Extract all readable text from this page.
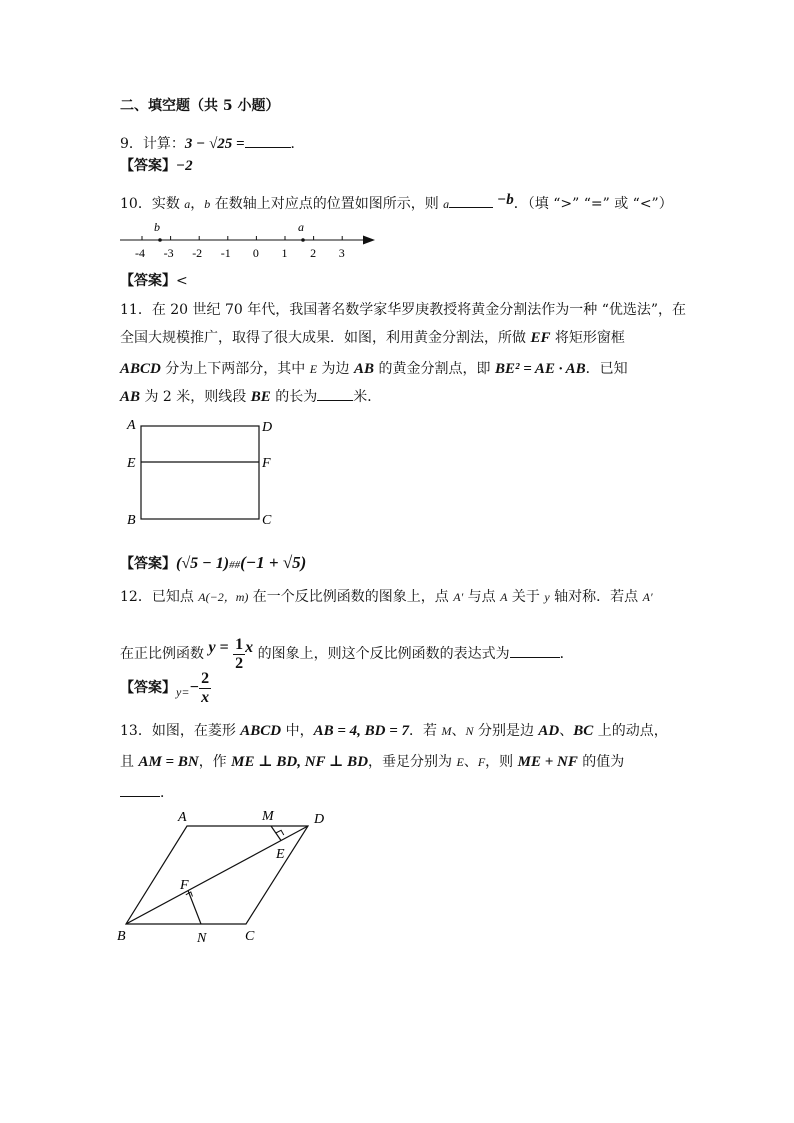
二、填空题（共 5 小题）
9．计算：3 − √25 =	．
【答案】−2
10．实数 a，b 在数轴上对应点的位置如图所示，则 a	−b．（填 “>” “=” 或 “<”）
-4 -3 -2 -1 0 1 2 3
b	a
【答案】<
11．在 20 世纪 70 年代，我国著名数学家华罗庚教授将黄金分割法作为一种 “优选法”，在
全国大规模推广，取得了很大成果．如图，利用黄金分割法，所做 EF 将矩形窗框
ABCD 分为上下两部分，其中 E 为边 AB 的黄金分割点，即 BE² = AE · AB．已知
AB 为 2 米，则线段 BE 的长为	米．
A	D
E	F
B	C
【答案】(√5 − 1)##(−1 + √5)
12．已知点 A(−2，m) 在一个反比例函数的图象上，点 A′ 与点 A 关于 y 轴对称．若点 A′
在正比例函数 $y = \frac{1}{2}$ x 的图象上，则这个反比例函数的表达式为	．
【答案】$y=- \frac{2}{x}$
13．如图，在菱形 ABCD 中，AB = 4, BD = 7．若 M、N 分别是边 AD、BC 上的动点，
且 AM = BN，作 ME ⊥ BD, NF ⊥ BD，垂足分别为 E、F，则 ME + NF 的值为
．
A	M	D
E
F
B	N	C
